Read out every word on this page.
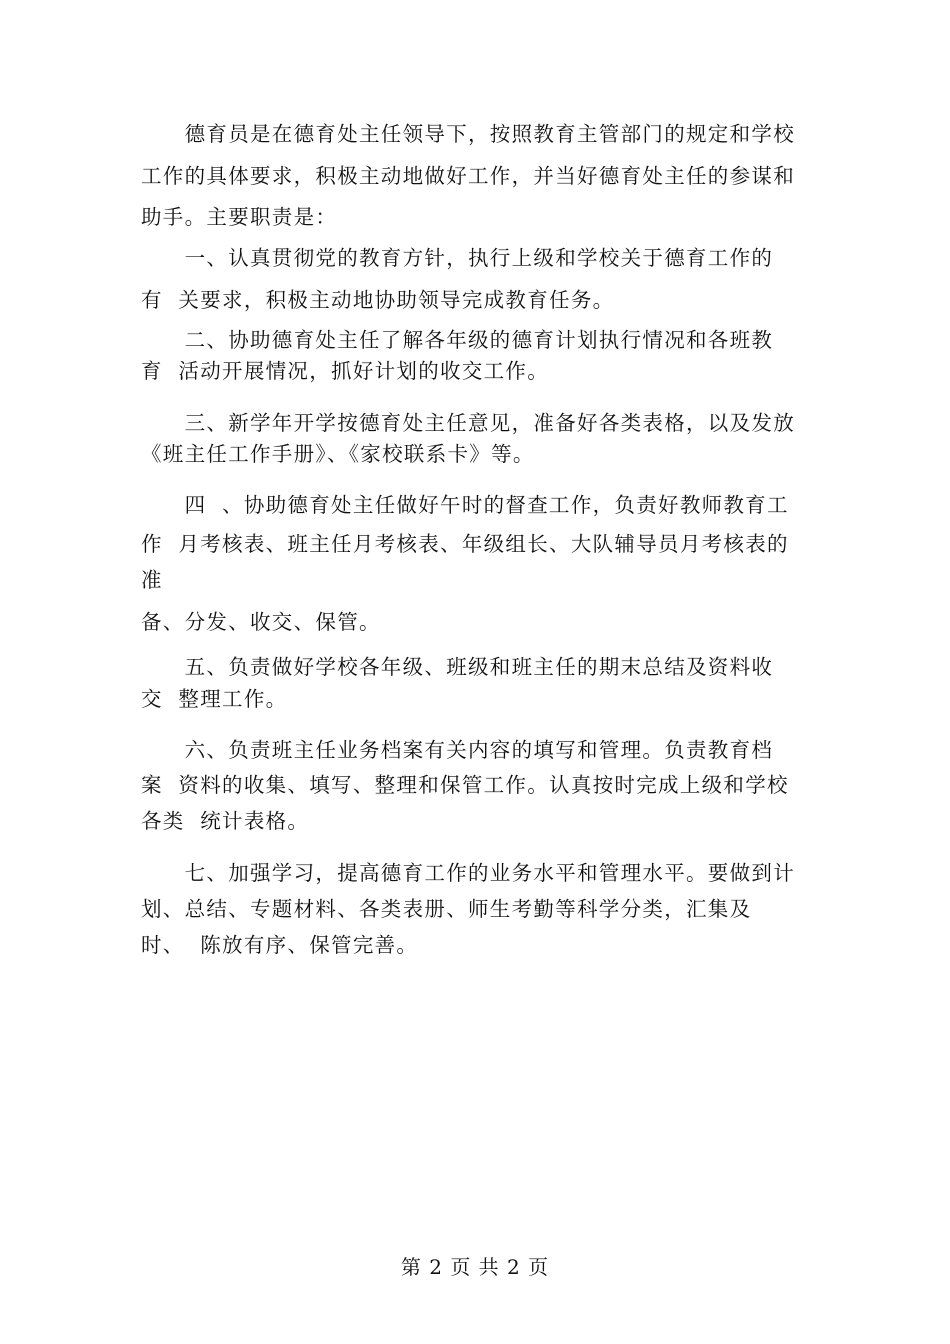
　　德育员是在德育处主任领导下，按照教育主管部门的规定和学校
工作的具体要求，积极主动地做好工作，并当好德育处主任的参谋和
助手。主要职责是：
　　一、认真贯彻党的教育方针，执行上级和学校关于德育工作的
有  关要求，积极主动地协助领导完成教育任务。
　　二、协助德育处主任了解各年级的德育计划执行情况和各班教
育  活动开展情况，抓好计划的收交工作。
　　三、新学年开学按德育处主任意见，准备好各类表格，以及发放
《班主任工作手册》、《家校联系卡》等。
　　四  、协助德育处主任做好午时的督查工作，负责好教师教育工
作  月考核表、班主任月考核表、年级组长、大队辅导员月考核表的
准
备、分发、收交、保管。
　　五、负责做好学校各年级、班级和班主任的期末总结及资料收
交  整理工作。
　　六、负责班主任业务档案有关内容的填写和管理。负责教育档
案  资料的收集、填写、整理和保管工作。认真按时完成上级和学校
各类  统计表格。
　　七、加强学习，提高德育工作的业务水平和管理水平。要做到计
划、总结、专题材料、各类表册、师生考勤等科学分类，汇集及
时、  陈放有序、保管完善。
第 2 页 共 2 页
